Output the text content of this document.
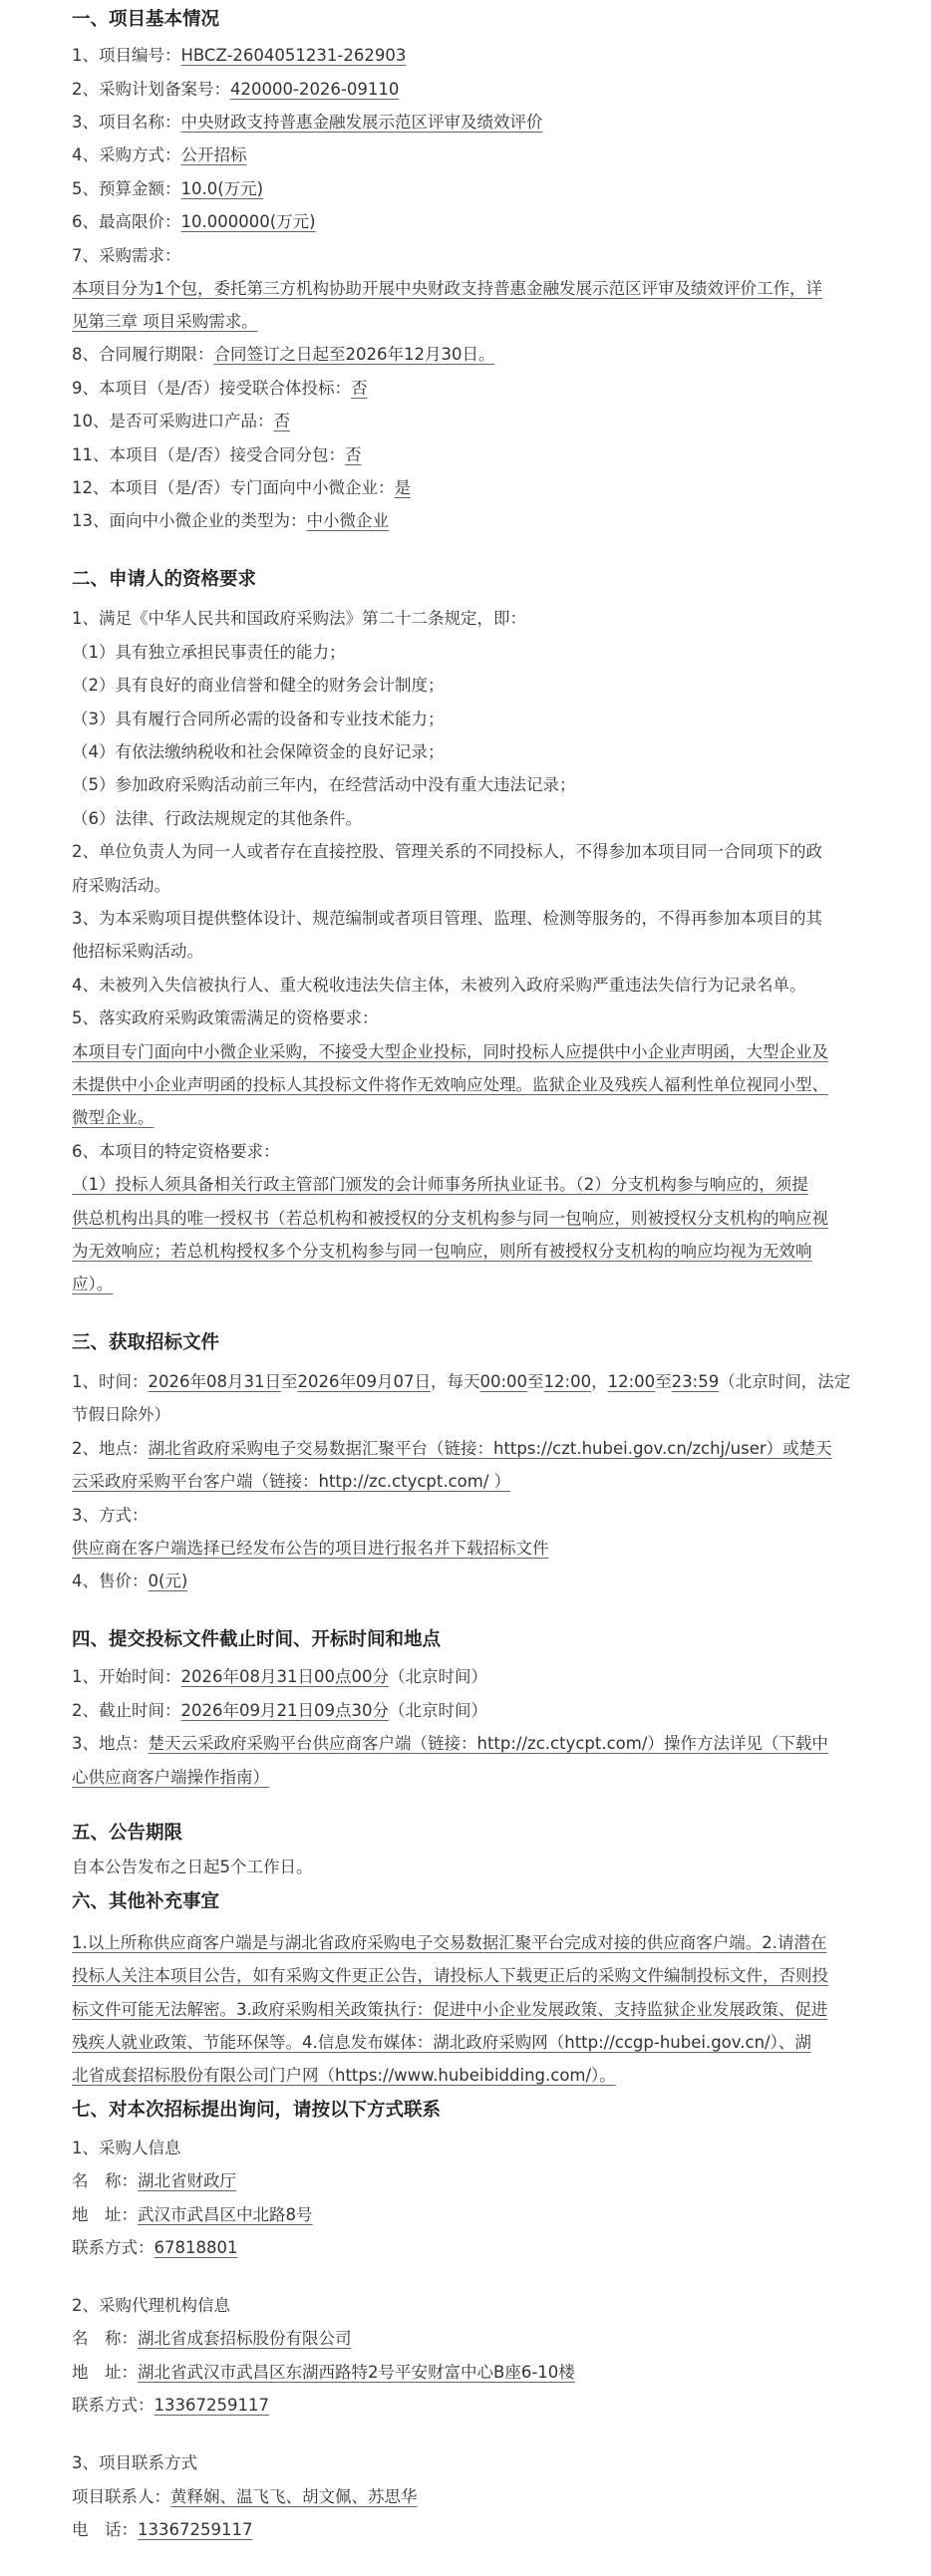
一、项目基本情况
1、项目编号：HBCZ-2604051231-262903
2、采购计划备案号：420000-2026-09110
3、项目名称：中央财政支持普惠金融发展示范区评审及绩效评价
4、采购方式：公开招标
5、预算金额：10.0(万元)
6、最高限价：10.000000(万元)
7、采购需求：
本项目分为1个包，委托第三方机构协助开展中央财政支持普惠金融发展示范区评审及绩效评价工作，详
见第三章 项目采购需求。
8、合同履行期限：合同签订之日起至2026年12月30日。
9、本项目（是/否）接受联合体投标：否
10、是否可采购进口产品：否
11、本项目（是/否）接受合同分包：否
12、本项目（是/否）专门面向中小微企业：是
13、面向中小微企业的类型为：中小微企业
二、申请人的资格要求
1、满足《中华人民共和国政府采购法》第二十二条规定，即：
（1）具有独立承担民事责任的能力；
（2）具有良好的商业信誉和健全的财务会计制度；
（3）具有履行合同所必需的设备和专业技术能力；
（4）有依法缴纳税收和社会保障资金的良好记录；
（5）参加政府采购活动前三年内，在经营活动中没有重大违法记录；
（6）法律、行政法规规定的其他条件。
2、单位负责人为同一人或者存在直接控股、管理关系的不同投标人，不得参加本项目同一合同项下的政
府采购活动。
3、为本采购项目提供整体设计、规范编制或者项目管理、监理、检测等服务的，不得再参加本项目的其
他招标采购活动。
4、未被列入失信被执行人、重大税收违法失信主体，未被列入政府采购严重违法失信行为记录名单。
5、落实政府采购政策需满足的资格要求：
本项目专门面向中小微企业采购，不接受大型企业投标，同时投标人应提供中小企业声明函，大型企业及
未提供中小企业声明函的投标人其投标文件将作无效响应处理。监狱企业及残疾人福利性单位视同小型、
微型企业。
6、本项目的特定资格要求：
（1）投标人须具备相关行政主管部门颁发的会计师事务所执业证书。（2）分支机构参与响应的，须提
供总机构出具的唯一授权书（若总机构和被授权的分支机构参与同一包响应，则被授权分支机构的响应视
为无效响应；若总机构授权多个分支机构参与同一包响应，则所有被授权分支机构的响应均视为无效响
应）。
三、获取招标文件
1、时间：2026年08月31日至2026年09月07日，每天00:00至12:00，12:00至23:59（北京时间，法定
节假日除外）
2、地点：湖北省政府采购电子交易数据汇聚平台（链接：https://czt.hubei.gov.cn/zchj/user）或楚天
云采政府采购平台客户端（链接：http://zc.ctycpt.com/ ）
3、方式：
供应商在客户端选择已经发布公告的项目进行报名并下载招标文件
4、售价：0(元)
四、提交投标文件截止时间、开标时间和地点
1、开始时间：2026年08月31日00点00分（北京时间）
2、截止时间：2026年09月21日09点30分（北京时间）
3、地点：楚天云采政府采购平台供应商客户端（链接：http://zc.ctycpt.com/）操作方法详见（下载中
心供应商客户端操作指南）
五、公告期限
自本公告发布之日起5个工作日。
六、其他补充事宜
1.以上所称供应商客户端是与湖北省政府采购电子交易数据汇聚平台完成对接的供应商客户端。2.请潜在
投标人关注本项目公告，如有采购文件更正公告，请投标人下载更正后的采购文件编制投标文件，否则投
标文件可能无法解密。3.政府采购相关政策执行：促进中小企业发展政策、支持监狱企业发展政策、促进
残疾人就业政策、节能环保等。4.信息发布媒体：湖北政府采购网（http://ccgp-hubei.gov.cn/）、湖
北省成套招标股份有限公司门户网（https://www.hubeibidding.com/）。
七、对本次招标提出询问，请按以下方式联系
1、采购人信息
名　称：湖北省财政厅
地　址：武汉市武昌区中北路8号
联系方式：67818801
2、采购代理机构信息
名　称：湖北省成套招标股份有限公司
地　址：湖北省武汉市武昌区东湖西路特2号平安财富中心B座6-10楼
联系方式：13367259117
3、项目联系方式
项目联系人：黄释娴、温飞飞、胡文佩、苏思华
电　话：13367259117
